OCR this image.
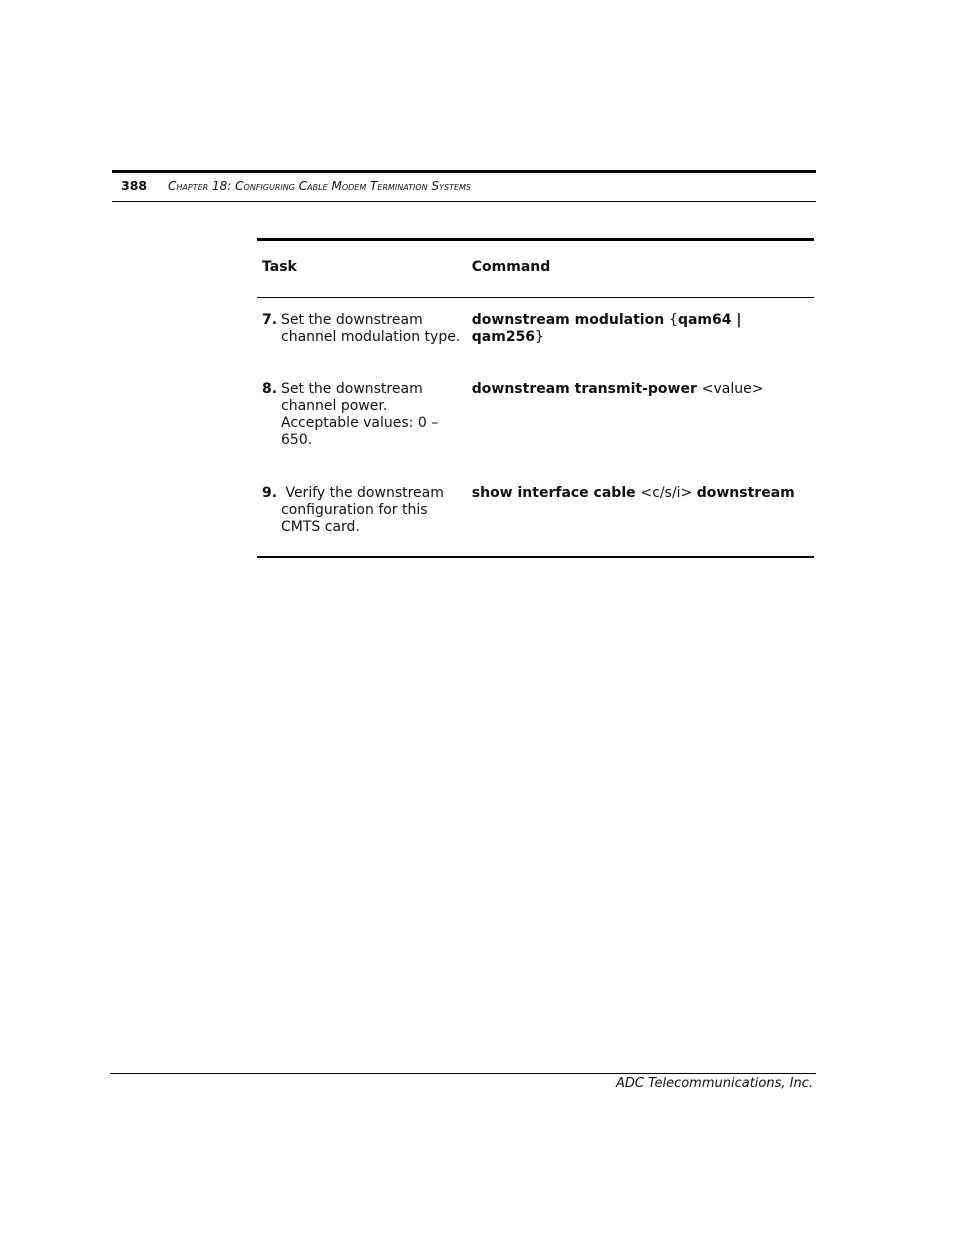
388 Chapter 18: Configuring Cable Modem Termination Systems
Task	Command

7. Set the downstream channel modulation type.	downstream modulation {qam64 | qam256}

8. Set the downstream channel power. Acceptable values: 0 – 650.	downstream transmit-power <value>

9. Verify the downstream configuration for this CMTS card.	show interface cable <c/s/i> downstream
ADC Telecommunications, Inc.
